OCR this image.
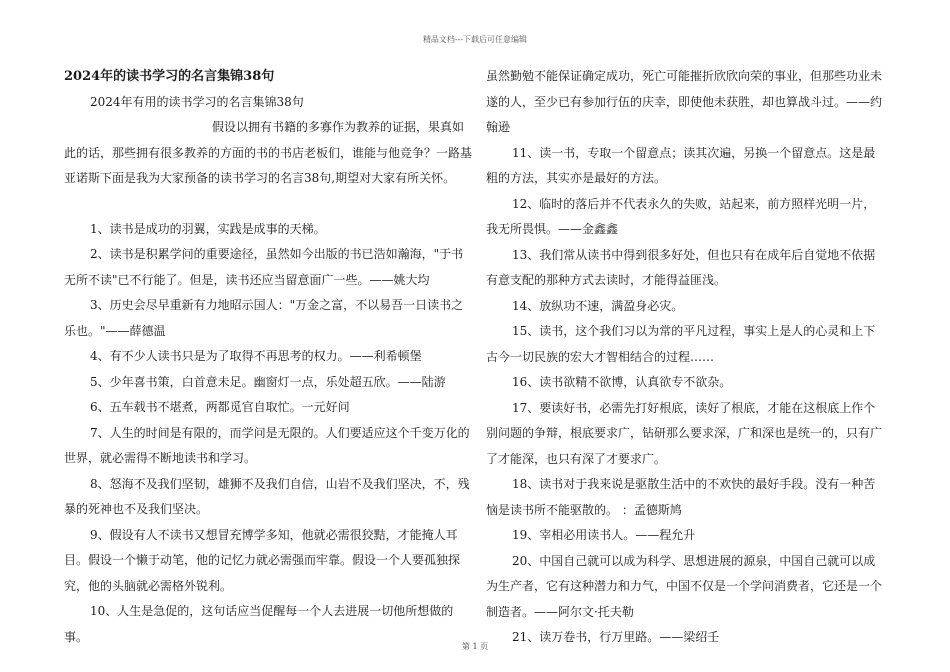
精品文档---下载后可任意编辑

2024年的读书学习的名言集锦38句

2024年有用的读书学习的名言集锦38句

假设以拥有书籍的多寡作为教养的证据，果真如此的话，那些拥有很多教养的方面的书的书店老板们，谁能与他竞争？一路基亚诺斯下面是我为大家预备的读书学习的名言38句,期望对大家有所关怀。

1、读书是成功的羽翼，实践是成事的天梯。

2、读书是积累学问的重要途径，虽然如今出版的书已浩如瀚海，"于书无所不读"已不行能了。但是，读书还应当留意面广一些。——姚大均

3、历史会尽早重新有力地昭示国人："万金之富，不以易吾一日读书之乐也。"——薛德温

4、有不少人读书只是为了取得不再思考的权力。——利希顿堡

5、少年喜书策，白首意未足。幽窗灯一点，乐处超五欣。——陆游

6、五车载书不堪煮，两都觅官自取忙。一元好问

7、人生的时间是有限的，而学问是无限的。人们要适应这个千变万化的世界，就必需得不断地读书和学习。

8、怒海不及我们坚韧，雄狮不及我们自信，山岩不及我们坚决，不，残暴的死神也不及我们坚决。

9、假设有人不读书又想冒充博学多知，他就必需很狡黠，才能掩人耳目。假设一个懒于动笔，他的记忆力就必需强而牢靠。假设一个人要孤独探究，他的头脑就必需格外锐利。

10、人生是急促的，这句话应当促醒每一个人去进展一切他所想做的事。

虽然勤勉不能保证确定成功，死亡可能摧折欣欣向荣的事业，但那些功业未遂的人，至少已有参加行伍的庆幸，即使他未获胜，却也算战斗过。——约翰逊

11、读一书，专取一个留意点；读其次遍，另换一个留意点。这是最粗的方法，其实亦是最好的方法。

12、临时的落后并不代表永久的失败，站起来，前方照样光明一片，我无所畏惧。——金鑫鑫

13、我们常从读书中得到很多好处，但也只有在成年后自觉地不依据有意支配的那种方式去读时，才能得益匪浅。

14、放纵功不速，满盈身必灾。

15、读书，这个我们习以为常的平凡过程，事实上是人的心灵和上下古今一切民族的宏大才智相结合的过程……

16、读书欲精不欲博，认真欲专不欲杂。

17、要读好书，必需先打好根底，读好了根底，才能在这根底上作个别问题的争辩，根底要求广，钻研那么要求深，广和深也是统一的，只有广了才能深，也只有深了才要求广。

18、读书对于我来说是驱散生活中的不欢快的最好手段。没有一种苦恼是读书所不能驱散的。 ：孟德斯鸠

19、宰相必用读书人。——程允升

20、中国自己就可以成为科学、思想进展的源泉，中国自己就可以成为生产者，它有这种潜力和力气，中国不仅是一个学问消费者，它还是一个制造者。——阿尔文·托夫勒

21、读万卷书，行万里路。——梁绍壬

第 1 页
